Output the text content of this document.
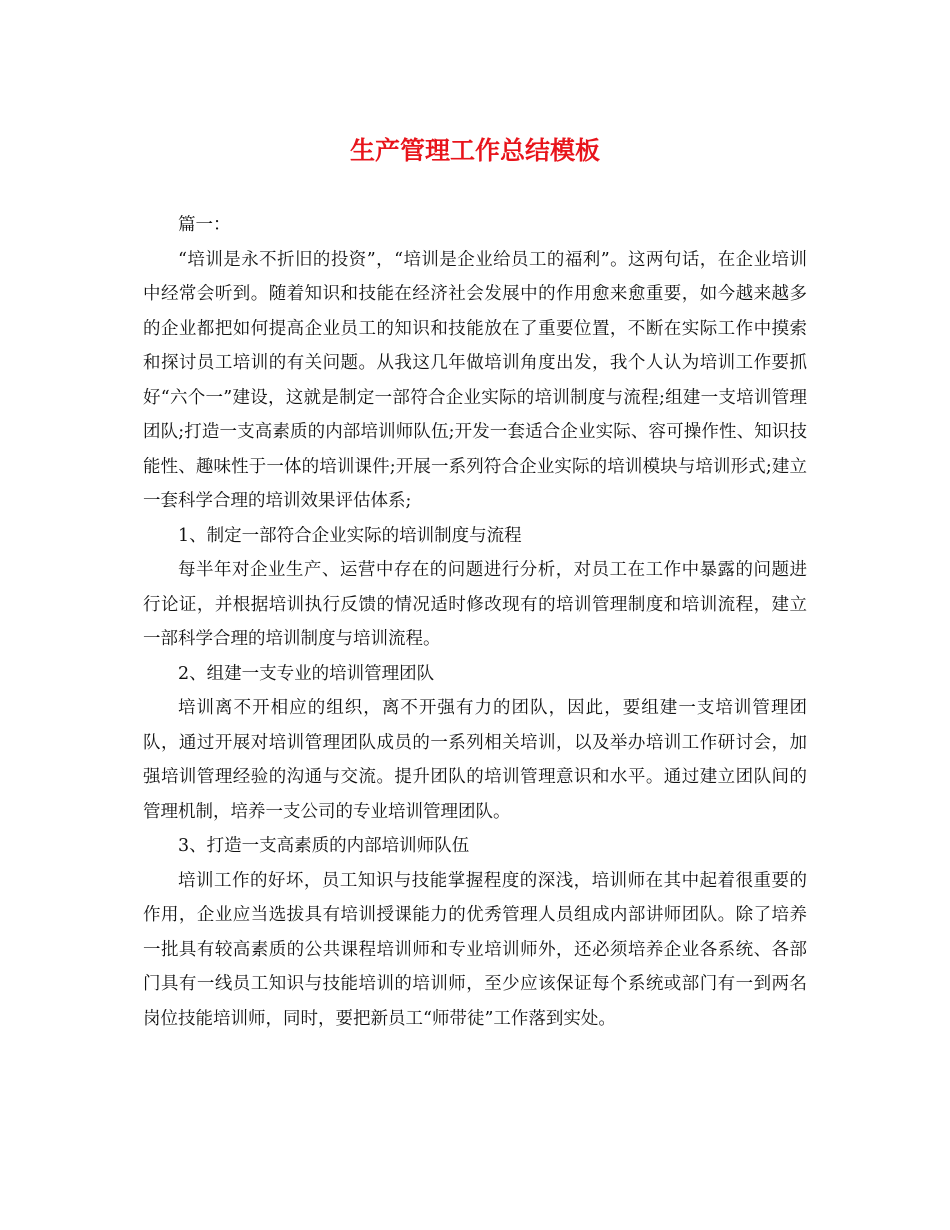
生产管理工作总结模板

篇一：

“培训是永不折旧的投资”，“培训是企业给员工的福利”。这两句话，在企业培训中经常会听到。随着知识和技能在经济社会发展中的作用愈来愈重要，如今越来越多的企业都把如何提高企业员工的知识和技能放在了重要位置，不断在实际工作中摸索和探讨员工培训的有关问题。从我这几年做培训角度出发，我个人认为培训工作要抓好“六个一”建设，这就是制定一部符合企业实际的培训制度与流程;组建一支培训管理团队;打造一支高素质的内部培训师队伍;开发一套适合企业实际、容可操作性、知识技能性、趣味性于一体的培训课件;开展一系列符合企业实际的培训模块与培训形式;建立一套科学合理的培训效果评估体系;

1、制定一部符合企业实际的培训制度与流程

每半年对企业生产、运营中存在的问题进行分析，对员工在工作中暴露的问题进行论证，并根据培训执行反馈的情况适时修改现有的培训管理制度和培训流程，建立一部科学合理的培训制度与培训流程。

2、组建一支专业的培训管理团队

培训离不开相应的组织，离不开强有力的团队，因此，要组建一支培训管理团队，通过开展对培训管理团队成员的一系列相关培训，以及举办培训工作研讨会，加强培训管理经验的沟通与交流。提升团队的培训管理意识和水平。通过建立团队间的管理机制，培养一支公司的专业培训管理团队。

3、打造一支高素质的内部培训师队伍

培训工作的好坏，员工知识与技能掌握程度的深浅，培训师在其中起着很重要的作用，企业应当选拔具有培训授课能力的优秀管理人员组成内部讲师团队。除了培养一批具有较高素质的公共课程培训师和专业培训师外，还必须培养企业各系统、各部门具有一线员工知识与技能培训的培训师，至少应该保证每个系统或部门有一到两名岗位技能培训师，同时，要把新员工“师带徒”工作落到实处。
